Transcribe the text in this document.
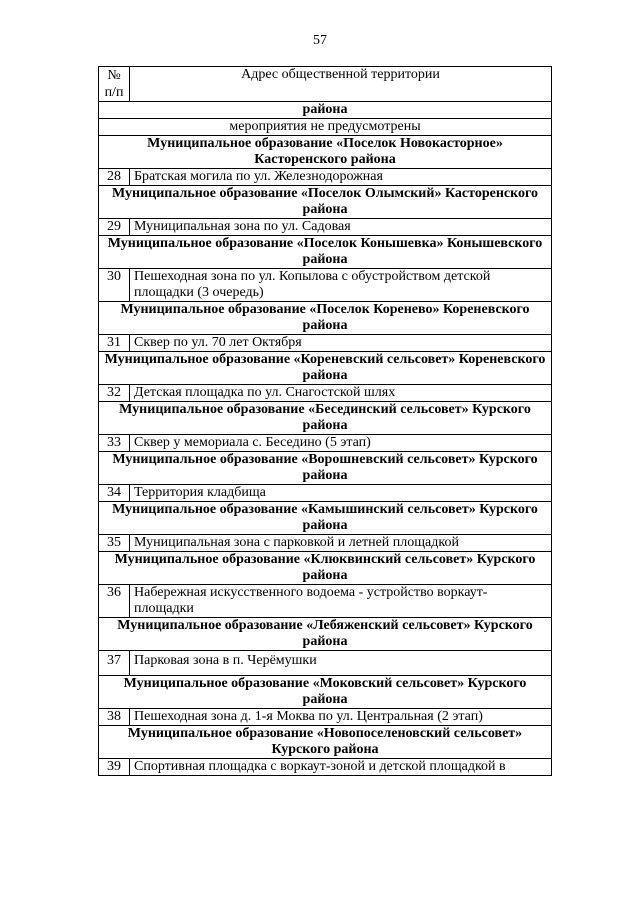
57
№
п/п	Адрес общественной территории
района	
мероприятия не предусмотрены	
Муниципальное образование «Поселок Новокасторное» Касторенского района	
28	Братская могила по ул. Железнодорожная
Муниципальное образование «Поселок Олымский» Касторенского района	
29	Муниципальная зона по ул. Садовая
Муниципальное образование «Поселок Конышевка» Конышевского района	
30	Пешеходная зона по ул. Копылова с обустройством детской площадки (3 очередь)
Муниципальное образование «Поселок Коренево» Кореневского района	
31	Сквер по ул. 70 лет Октября
Муниципальное образование «Кореневский сельсовет» Кореневского района	
32	Детская площадка по ул. Снагостской шлях
Муниципальное образование «Бесединский сельсовет» Курского района	
33	Сквер у мемориала с. Беседино (5 этап)
Муниципальное образование «Ворошневский сельсовет» Курского района	
34	Территория кладбища
Муниципальное образование «Камышинский сельсовет» Курского района	
35	Муниципальная зона с парковкой и летней площадкой
Муниципальное образование «Клюквинский сельсовет» Курского района	
36	Набережная искусственного водоема - устройство воркаут-площадки
Муниципальное образование «Лебяженский сельсовет» Курского района	
37	Парковая зона в п. Черёмушки
Муниципальное образование «Моковский сельсовет» Курского района	
38	Пешеходная зона д. 1-я Моква по ул. Центральная (2 этап)
Муниципальное образование «Новопоселеновский сельсовет» Курского района	
39	Спортивная площадка с воркаут-зоной и детской площадкой в
